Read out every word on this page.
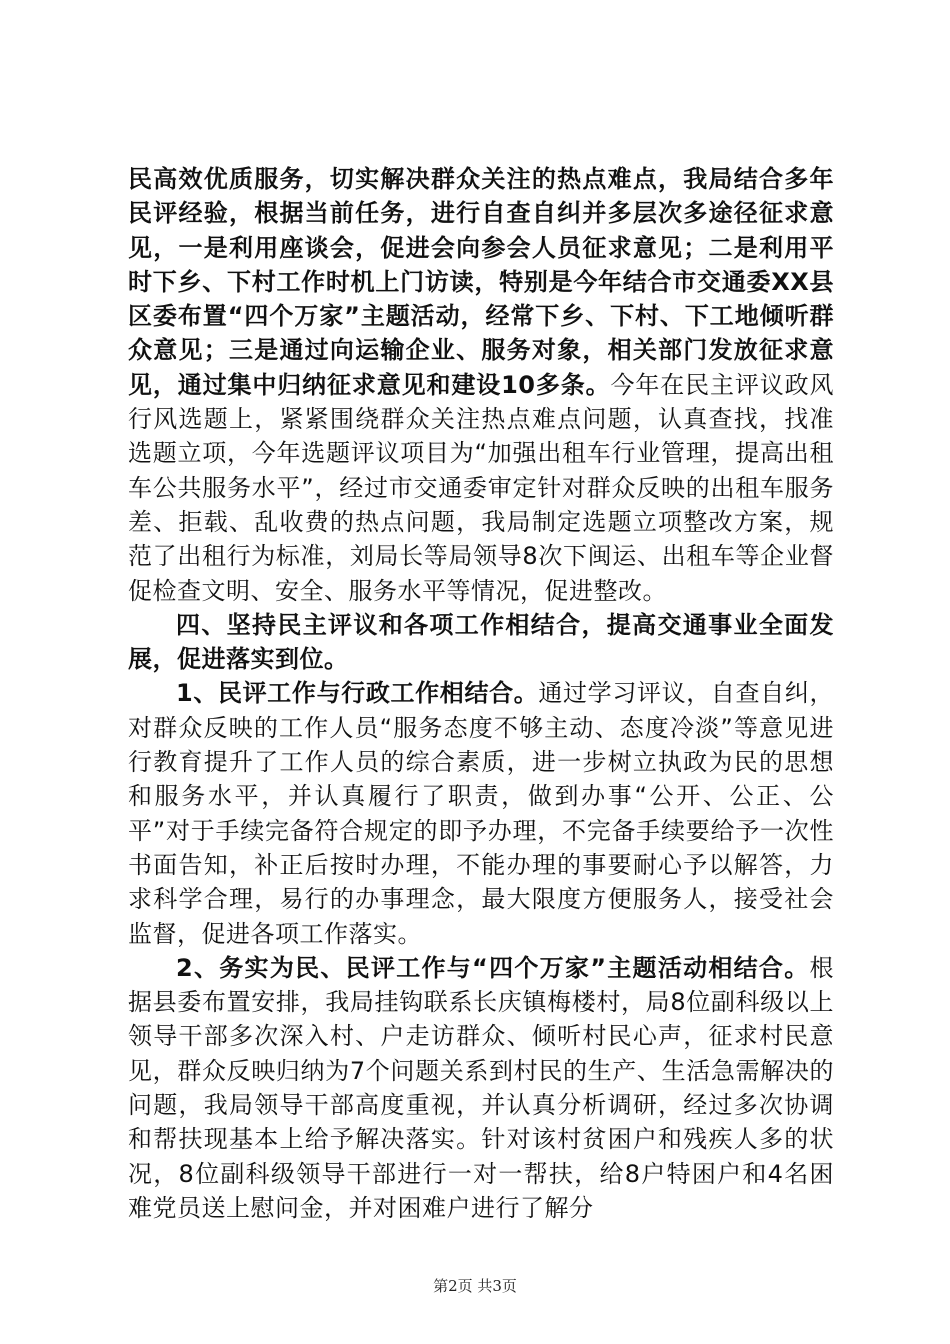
民高效优质服务，切实解决群众关注的热点难点，我局结合多年民评经验，根据当前任务，进行自查自纠并多层次多途径征求意见，一是利用座谈会，促进会向参会人员征求意见；二是利用平时下乡、下村工作时机上门访读，特别是今年结合市交通委XX县区委布置“四个万家”主题活动，经常下乡、下村、下工地倾听群众意见；三是通过向运输企业、服务对象，相关部门发放征求意见，通过集中归纳征求意见和建设10多条。今年在民主评议政风行风选题上，紧紧围绕群众关注热点难点问题，认真查找，找准选题立项，今年选题评议项目为“加强出租车行业管理，提高出租车公共服务水平”，经过市交通委审定针对群众反映的出租车服务差、拒载、乱收费的热点问题，我局制定选题立项整改方案，规范了出租行为标准，刘局长等局领导8次下闽运、出租车等企业督促检查文明、安全、服务水平等情况，促进整改。

四、坚持民主评议和各项工作相结合，提高交通事业全面发展，促进落实到位。

1、民评工作与行政工作相结合。通过学习评议，自查自纠，对群众反映的工作人员“服务态度不够主动、态度冷淡”等意见进行教育提升了工作人员的综合素质，进一步树立执政为民的思想和服务水平，并认真履行了职责，做到办事“公开、公正、公平”对于手续完备符合规定的即予办理，不完备手续要给予一次性书面告知，补正后按时办理，不能办理的事要耐心予以解答，力求科学合理，易行的办事理念，最大限度方便服务人，接受社会监督，促进各项工作落实。

2、务实为民、民评工作与“四个万家”主题活动相结合。根据县委布置安排，我局挂钩联系长庆镇梅楼村，局8位副科级以上领导干部多次深入村、户走访群众、倾听村民心声，征求村民意见，群众反映归纳为7个问题关系到村民的生产、生活急需解决的问题，我局领导干部高度重视，并认真分析调研，经过多次协调和帮扶现基本上给予解决落实。针对该村贫困户和残疾人多的状况，8位副科级领导干部进行一对一帮扶，给8户特困户和4名困难党员送上慰问金，并对困难户进行了解分

第2页 共3页
